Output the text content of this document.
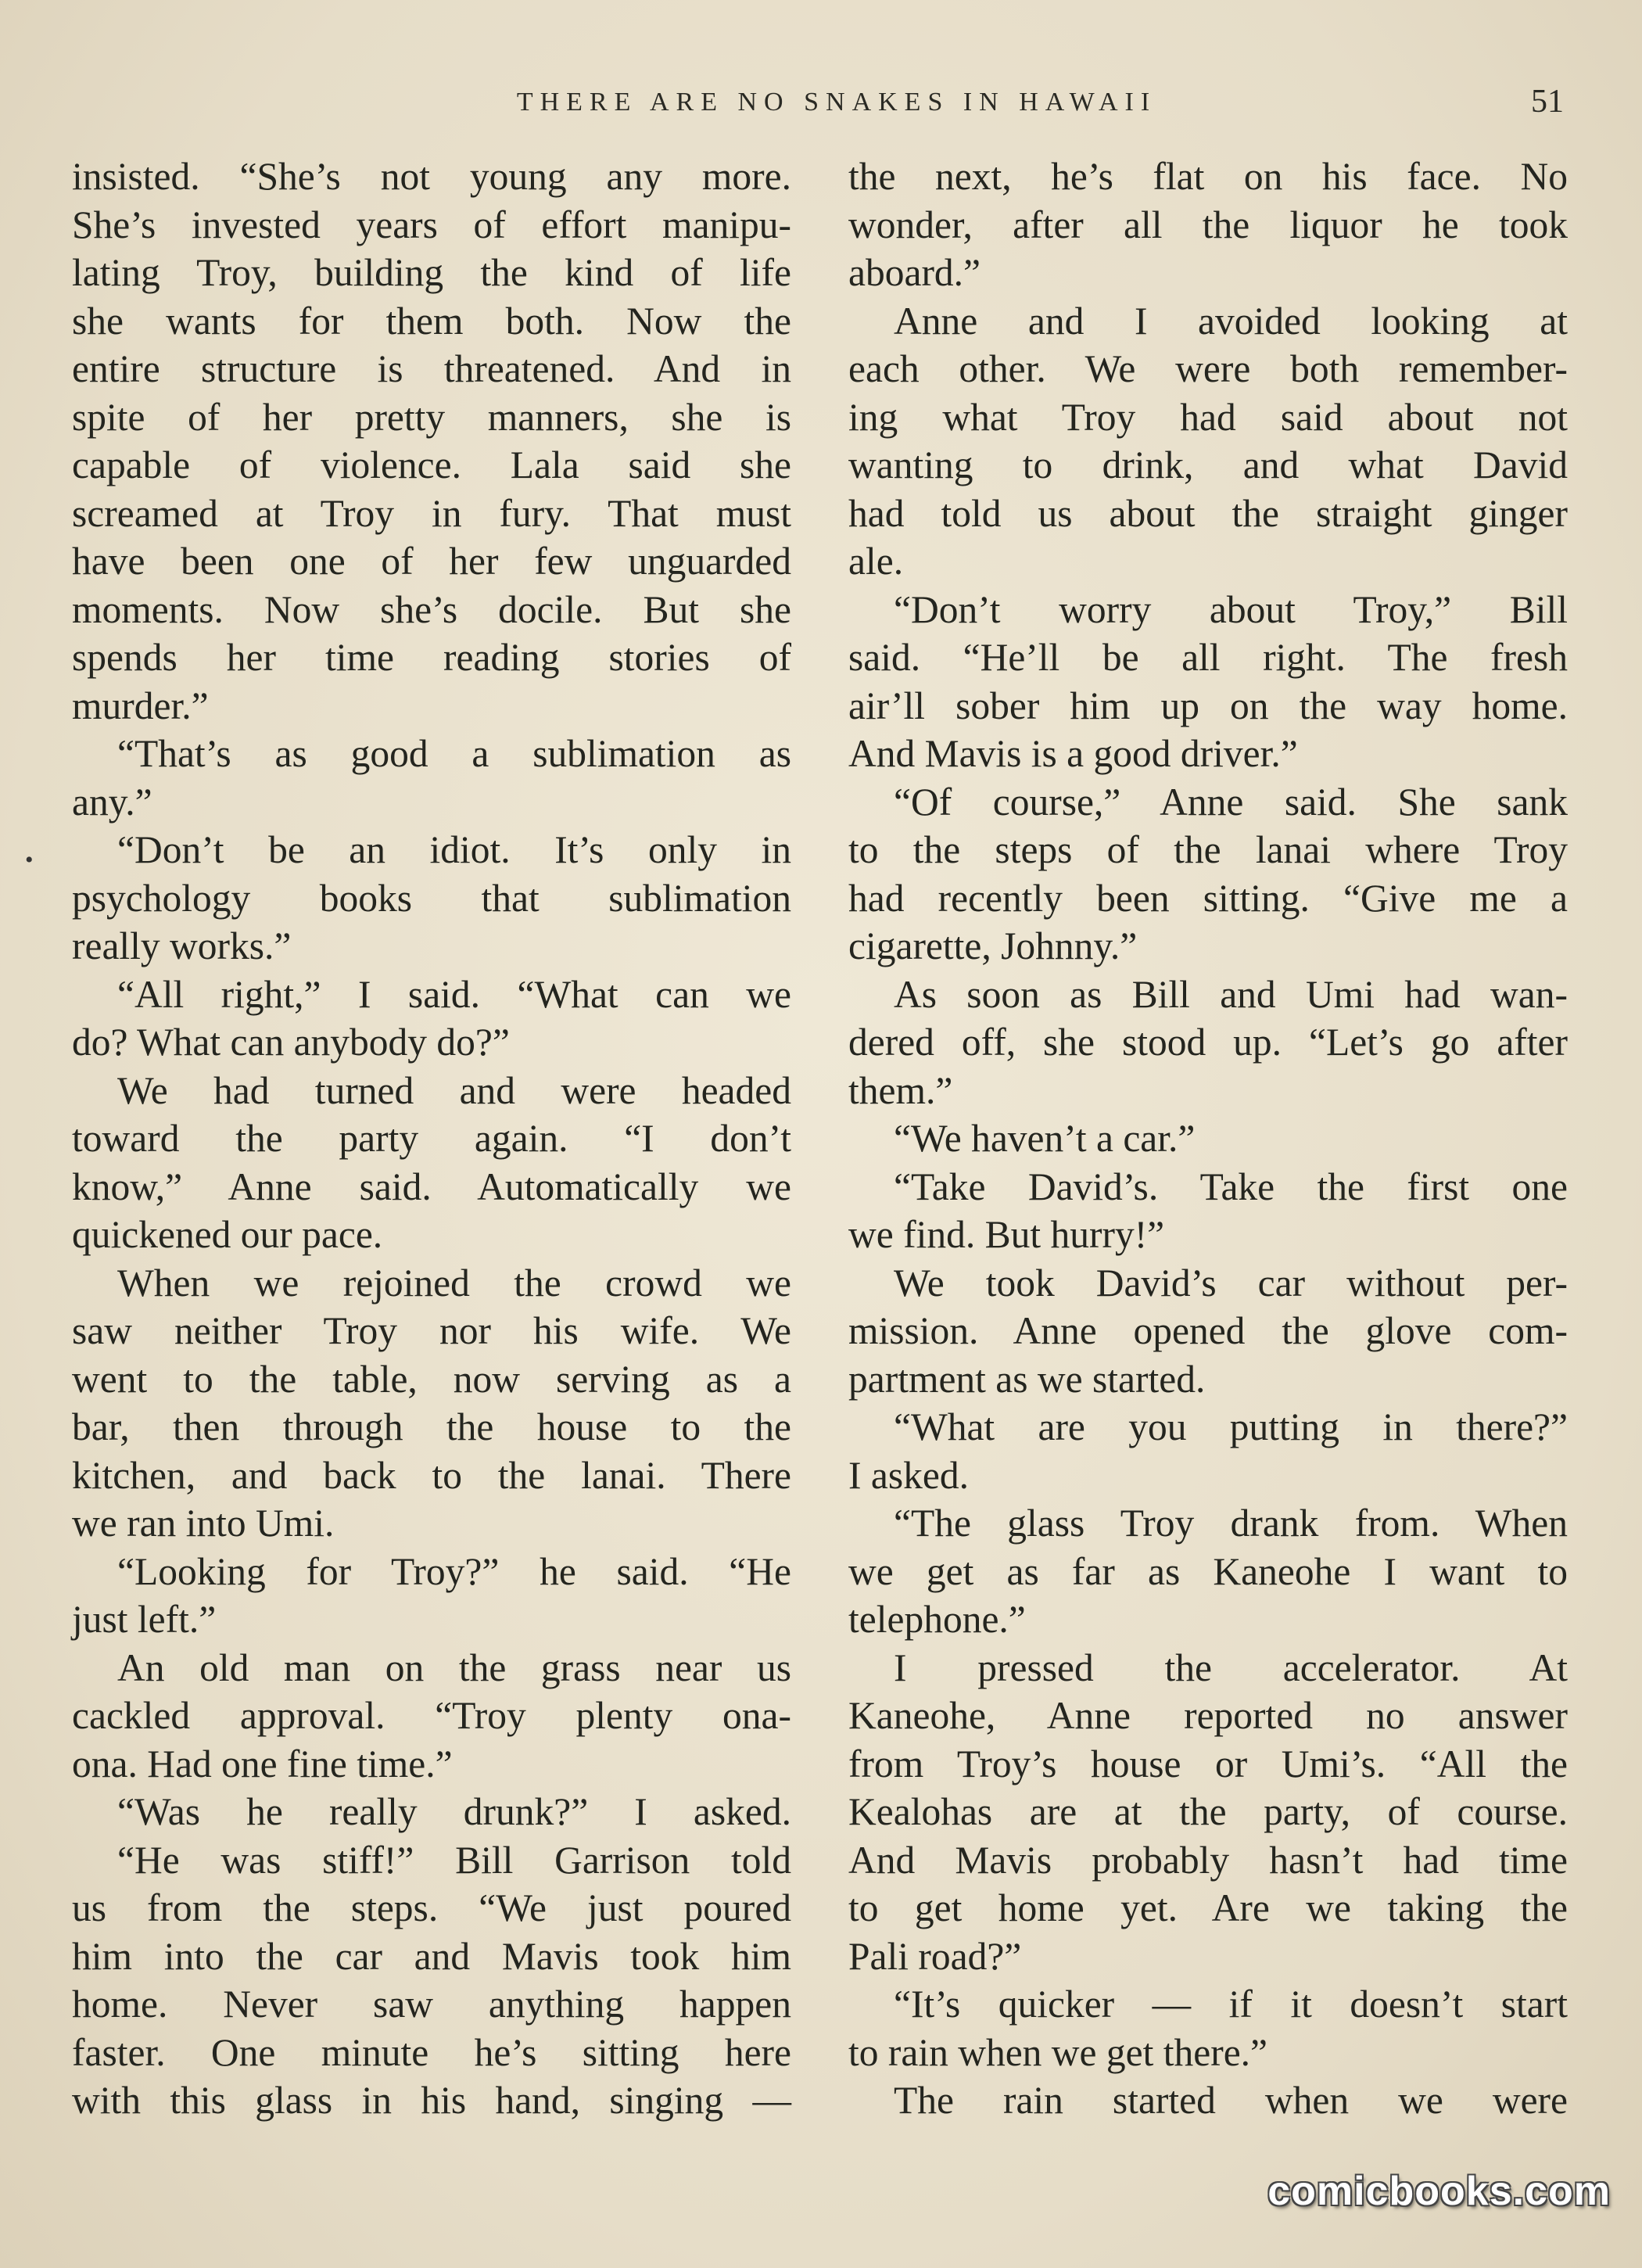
THERE ARE NO SNAKES IN HAWAII	51
•
insisted. “She’s not young any more.
She’s invested years of effort manipu-
lating Troy, building the kind of life
she wants for them both. Now the
entire structure is threatened. And in
spite of her pretty manners, she is
capable of violence. Lala said she
screamed at Troy in fury. That must
have been one of her few unguarded
moments. Now she’s docile. But she
spends her time reading stories of
murder.”
“That’s as good a sublimation as
any.”
“Don’t be an idiot. It’s only in
psychology books that sublimation
really works.”
“All right,” I said. “What can we
do? What can anybody do?”
We had turned and were headed
toward the party again. “I don’t
know,” Anne said. Automatically we
quickened our pace.
When we rejoined the crowd we
saw neither Troy nor his wife. We
went to the table, now serving as a
bar, then through the house to the
kitchen, and back to the lanai. There
we ran into Umi.
“Looking for Troy?” he said. “He
just left.”
An old man on the grass near us
cackled approval. “Troy plenty ona-
ona. Had one fine time.”
“Was he really drunk?” I asked.
“He was stiff!” Bill Garrison told
us from the steps. “We just poured
him into the car and Mavis took him
home. Never saw anything happen
faster. One minute he’s sitting here
with this glass in his hand, singing —
the next, he’s flat on his face. No
wonder, after all the liquor he took
aboard.”
Anne and I avoided looking at
each other. We were both remember-
ing what Troy had said about not
wanting to drink, and what David
had told us about the straight ginger
ale.
“Don’t worry about Troy,” Bill
said. “He’ll be all right. The fresh
air’ll sober him up on the way home.
And Mavis is a good driver.”
“Of course,” Anne said. She sank
to the steps of the lanai where Troy
had recently been sitting. “Give me a
cigarette, Johnny.”
As soon as Bill and Umi had wan-
dered off, she stood up. “Let’s go after
them.”
“We haven’t a car.”
“Take David’s. Take the first one
we find. But hurry!”
We took David’s car without per-
mission. Anne opened the glove com-
partment as we started.
“What are you putting in there?”
I asked.
“The glass Troy drank from. When
we get as far as Kaneohe I want to
telephone.”
I pressed the accelerator. At
Kaneohe, Anne reported no answer
from Troy’s house or Umi’s. “All the
Kealohas are at the party, of course.
And Mavis probably hasn’t had time
to get home yet. Are we taking the
Pali road?”
“It’s quicker — if it doesn’t start
to rain when we get there.”
The rain started when we were
comicbooks.com
